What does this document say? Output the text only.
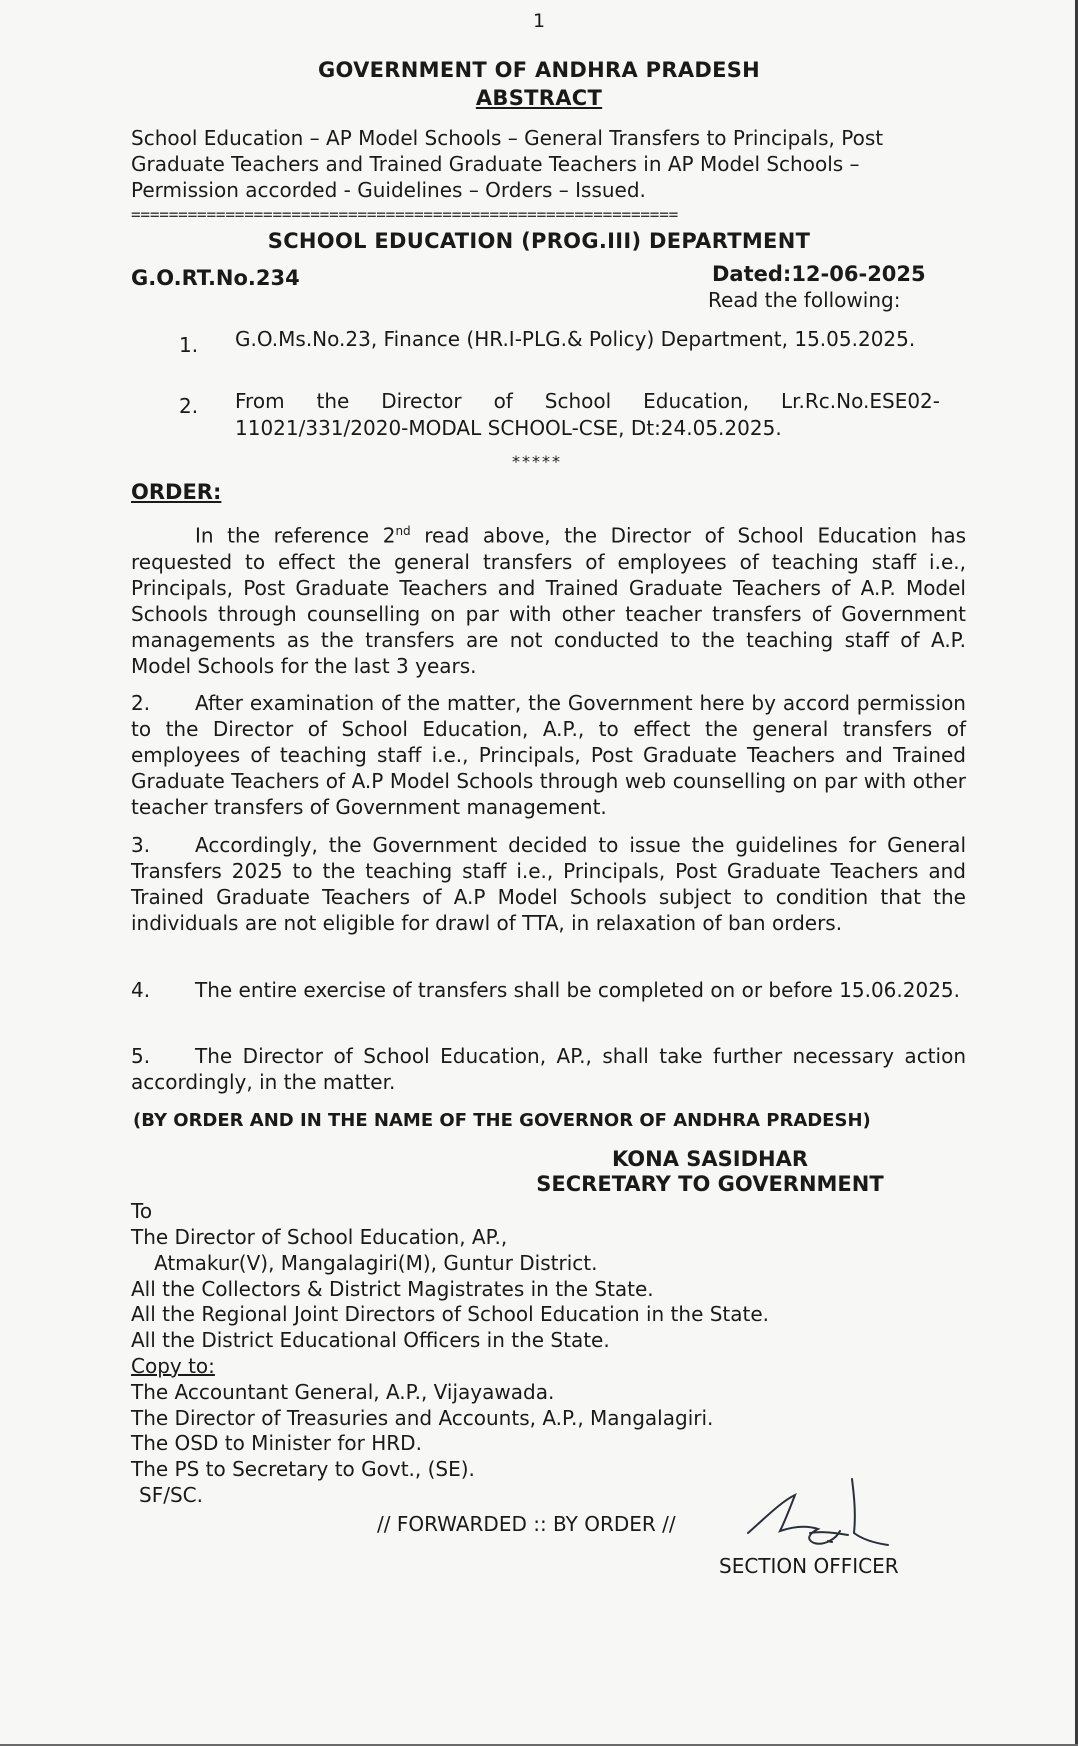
1
GOVERNMENT OF ANDHRA PRADESH
ABSTRACT
School Education – AP Model Schools – General Transfers to Principals, Post Graduate Teachers and Trained Graduate Teachers in AP Model Schools – Permission accorded - Guidelines – Orders – Issued.
==========================================================
SCHOOL EDUCATION (PROG.III) DEPARTMENT
G.O.RT.No.234	Dated:12-06-2025
Read the following:
1. G.O.Ms.No.23, Finance (HR.I-PLG.& Policy) Department, 15.05.2025.
2. From the Director of School Education, Lr.Rc.No.ESE02-11021/331/2020-MODAL SCHOOL-CSE, Dt:24.05.2025.
*****
ORDER:
In the reference 2nd read above, the Director of School Education has requested to effect the general transfers of employees of teaching staff i.e., Principals, Post Graduate Teachers and Trained Graduate Teachers of A.P. Model Schools through counselling on par with other teacher transfers of Government managements as the transfers are not conducted to the teaching staff of A.P. Model Schools for the last 3 years.
2. After examination of the matter, the Government here by accord permission to the Director of School Education, A.P., to effect the general transfers of employees of teaching staff i.e., Principals, Post Graduate Teachers and Trained Graduate Teachers of A.P Model Schools through web counselling on par with other teacher transfers of Government management.
3. Accordingly, the Government decided to issue the guidelines for General Transfers 2025 to the teaching staff i.e., Principals, Post Graduate Teachers and Trained Graduate Teachers of A.P Model Schools subject to condition that the individuals are not eligible for drawl of TTA, in relaxation of ban orders.
4. The entire exercise of transfers shall be completed on or before 15.06.2025.
5. The Director of School Education, AP., shall take further necessary action accordingly, in the matter.
(BY ORDER AND IN THE NAME OF THE GOVERNOR OF ANDHRA PRADESH)
KONA SASIDHAR
SECRETARY TO GOVERNMENT
To
The Director of School Education, AP.,
Atmakur(V), Mangalagiri(M), Guntur District.
All the Collectors & District Magistrates in the State.
All the Regional Joint Directors of School Education in the State.
All the District Educational Officers in the State.
Copy to:
The Accountant General, A.P., Vijayawada.
The Director of Treasuries and Accounts, A.P., Mangalagiri.
The OSD to Minister for HRD.
The PS to Secretary to Govt., (SE).
SF/SC.
// FORWARDED :: BY ORDER //
SECTION OFFICER
